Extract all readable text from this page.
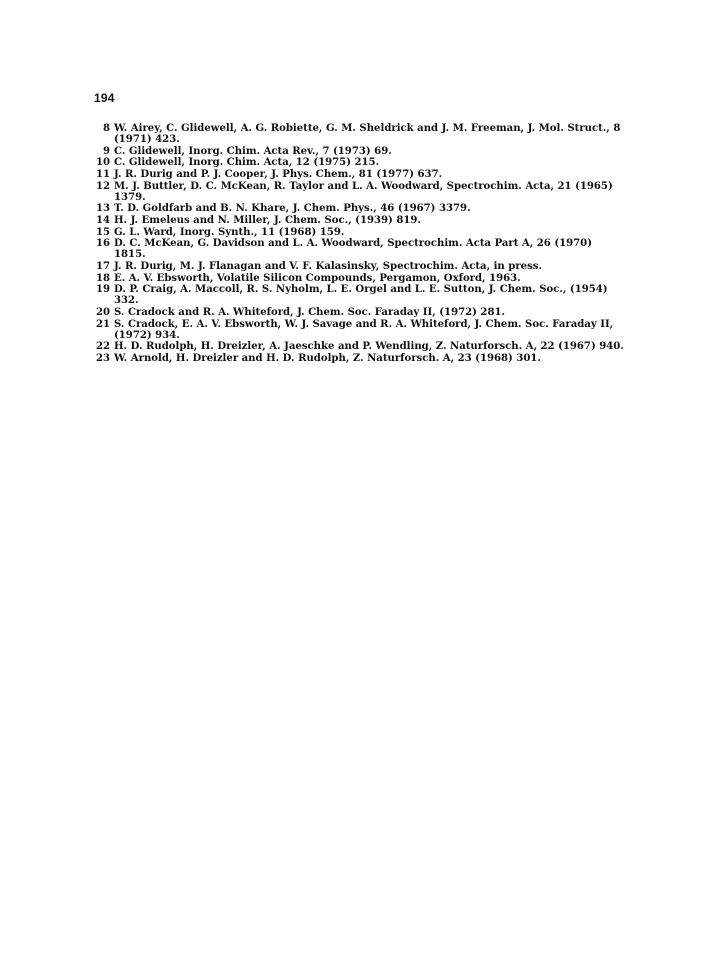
194
8 W. Airey, C. Glidewell, A. G. Robiette, G. M. Sheldrick and J. M. Freeman, J. Mol. Struct., 8 (1971) 423.
9 C. Glidewell, Inorg. Chim. Acta Rev., 7 (1973) 69.
10 C. Glidewell, Inorg. Chim. Acta, 12 (1975) 215.
11 J. R. Durig and P. J. Cooper, J. Phys. Chem., 81 (1977) 637.
12 M. J. Buttler, D. C. McKean, R. Taylor and L. A. Woodward, Spectrochim. Acta, 21 (1965) 1379.
13 T. D. Goldfarb and B. N. Khare, J. Chem. Phys., 46 (1967) 3379.
14 H. J. Emeleus and N. Miller, J. Chem. Soc., (1939) 819.
15 G. L. Ward, Inorg. Synth., 11 (1968) 159.
16 D. C. McKean, G. Davidson and L. A. Woodward, Spectrochim. Acta Part A, 26 (1970) 1815.
17 J. R. Durig, M. J. Flanagan and V. F. Kalasinsky, Spectrochim. Acta, in press.
18 E. A. V. Ebsworth, Volatile Silicon Compounds, Pergamon, Oxford, 1963.
19 D. P. Craig, A. Maccoll, R. S. Nyholm, L. E. Orgel and L. E. Sutton, J. Chem. Soc., (1954) 332.
20 S. Cradock and R. A. Whiteford, J. Chem. Soc. Faraday II, (1972) 281.
21 S. Cradock, E. A. V. Ebsworth, W. J. Savage and R. A. Whiteford, J. Chem. Soc. Faraday II, (1972) 934.
22 H. D. Rudolph, H. Dreizler, A. Jaeschke and P. Wendling, Z. Naturforsch. A, 22 (1967) 940.
23 W. Arnold, H. Dreizler and H. D. Rudolph, Z. Naturforsch. A, 23 (1968) 301.
